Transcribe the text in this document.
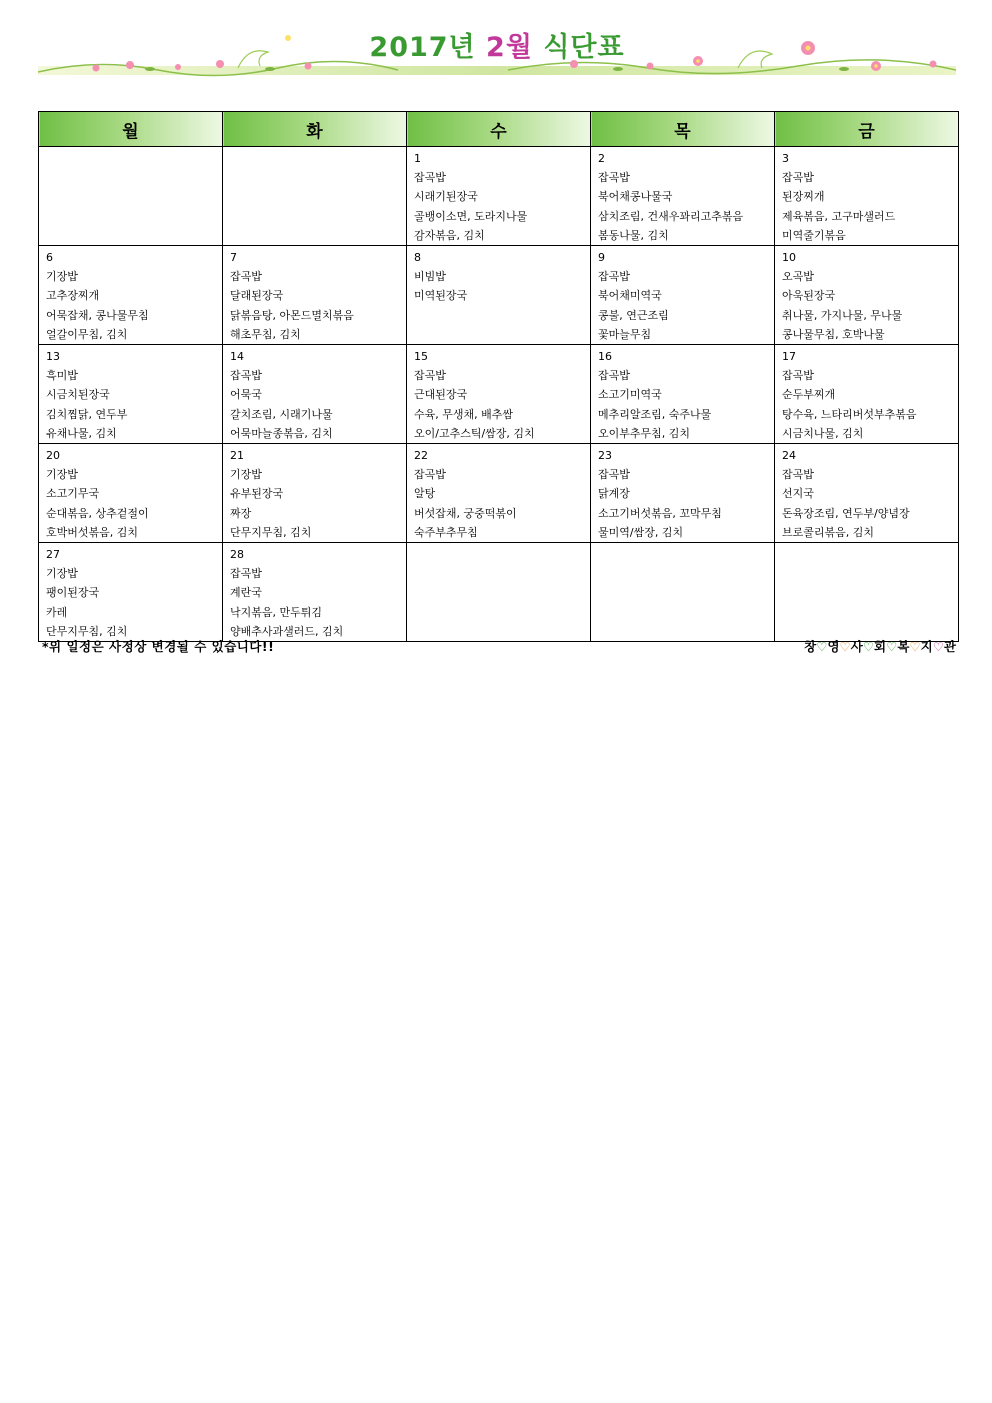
2017년 2월 식단표
월	화	수	목	금

		1
잡곡밥
시래기된장국
골뱅이소면, 도라지나물
감자볶음, 김치	2
잡곡밥
북어채콩나물국
삼치조림, 건새우꽈리고추볶음
봄동나물, 김치	3
잡곡밥
된장찌개
제육볶음, 고구마샐러드
미역줄기볶음

6
기장밥
고추장찌개
어묵잡채, 콩나물무침
얼갈이무침, 김치	7
잡곡밥
달래된장국
닭볶음탕, 아몬드멸치볶음
해초무침, 김치	8
비빔밥
미역된장국	9
잡곡밥
북어채미역국
콩불, 연근조림
꽃마늘무침	10
오곡밥
아욱된장국
취나물, 가지나물, 무나물
콩나물무침, 호박나물

13
흑미밥
시금치된장국
김치찜닭, 연두부
유채나물, 김치	14
잡곡밥
어묵국
갈치조림, 시래기나물
어묵마늘종볶음, 김치	15
잡곡밥
근대된장국
수육, 무생채, 배추쌈
오이/고추스틱/쌈장, 김치	16
잡곡밥
소고기미역국
메추리알조림, 숙주나물
오이부추무침, 김치	17
잡곡밥
순두부찌개
탕수육, 느타리버섯부추볶음
시금치나물, 김치

20
기장밥
소고기무국
순대볶음, 상추겉절이
호박버섯볶음, 김치	21
기장밥
유부된장국
짜장
단무지무침, 김치	22
잡곡밥
알탕
버섯잡채, 궁중떡볶이
숙주부추무침	23
잡곡밥
닭계장
소고기버섯볶음, 꼬막무침
물미역/쌈장, 김치	24
잡곡밥
선지국
돈육장조림, 연두부/양념장
브로콜리볶음, 김치

27
기장밥
팽이된장국
카레
단무지무침, 김치	28
잡곡밥
계란국
낙지볶음, 만두튀김
양배추사과샐러드, 김치			

*위 일정은 사정상 변경될 수 있습니다!!	창♡영♡사♡회♡복♡지♡관
